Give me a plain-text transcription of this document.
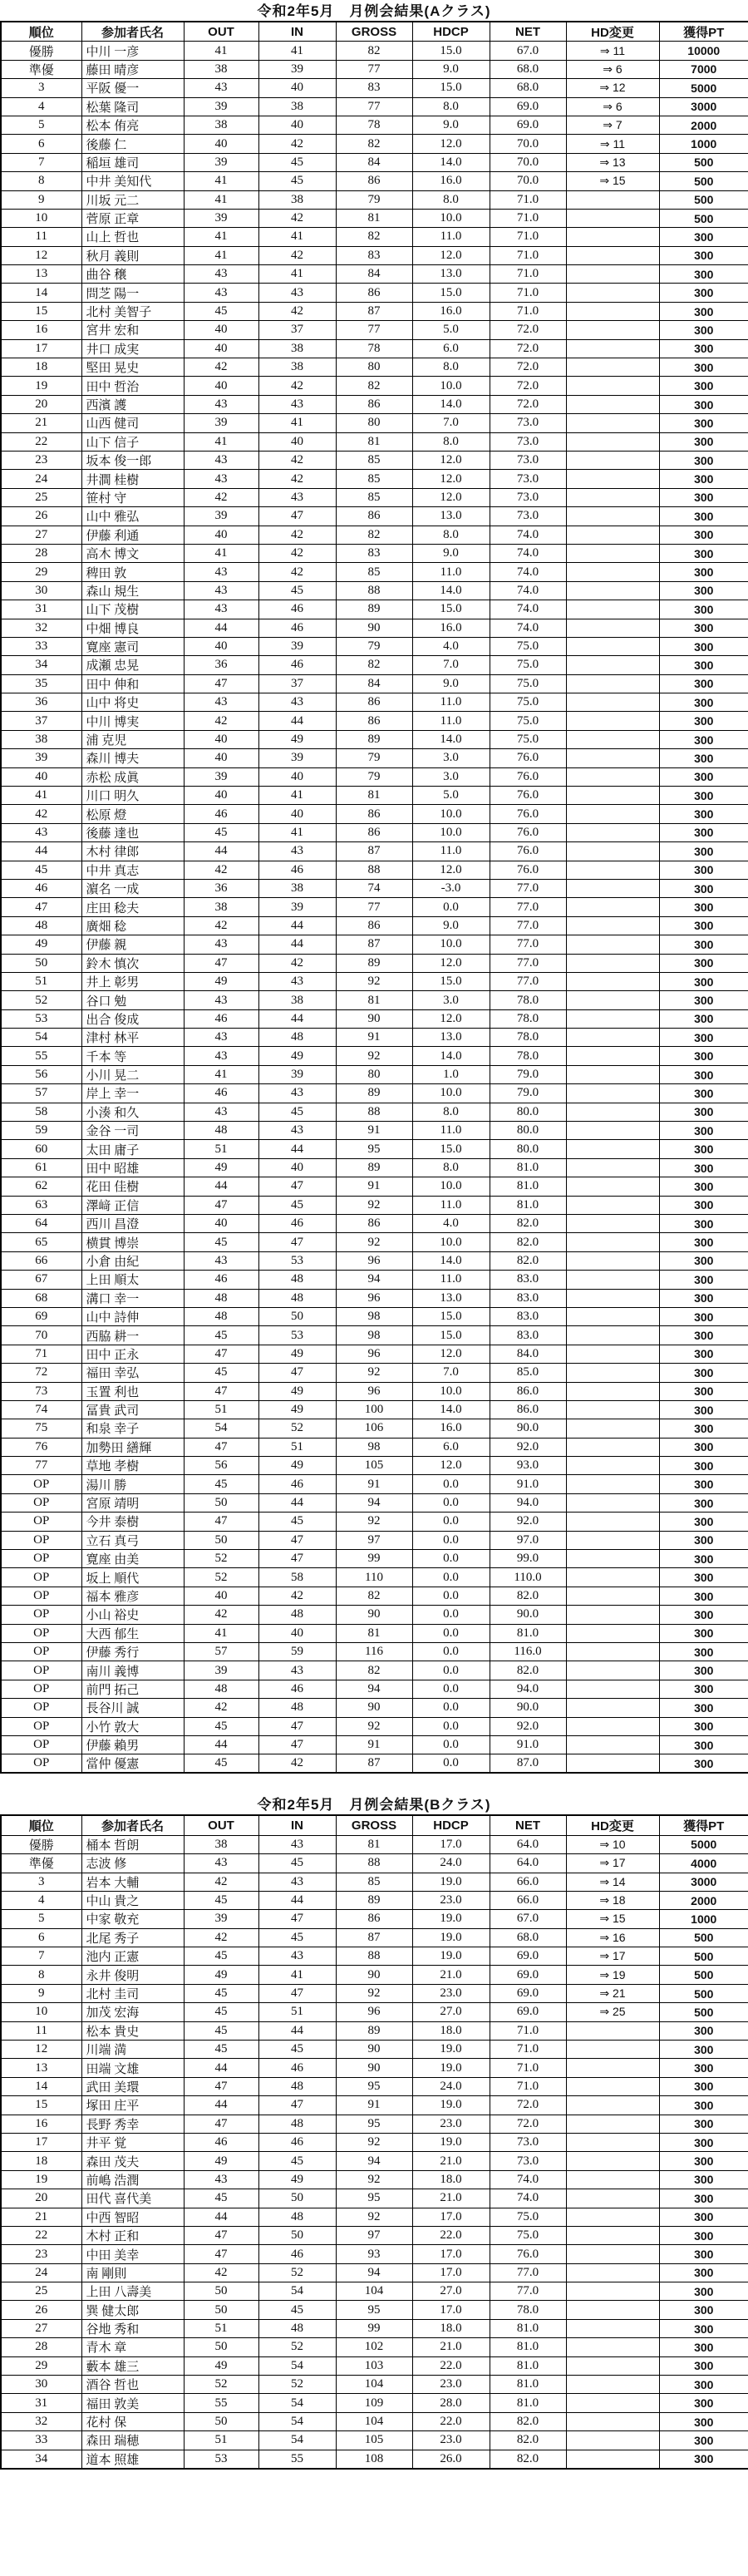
令和2年5月　月例会結果(Aクラス)
順位	参加者氏名	OUT	IN	GROSS	HDCP	NET	HD変更	獲得PT
優勝	中川 一彦	41	41	82	15.0	67.0	⇒ 11	10000
準優	藤田 晴彦	38	39	77	9.0	68.0	⇒ 6	7000
3	平阪 優一	43	40	83	15.0	68.0	⇒ 12	5000
4	松葉 隆司	39	38	77	8.0	69.0	⇒ 6	3000
5	松本 侑亮	38	40	78	9.0	69.0	⇒ 7	2000
6	後藤 仁	40	42	82	12.0	70.0	⇒ 11	1000
7	稲垣 雄司	39	45	84	14.0	70.0	⇒ 13	500
8	中井 美知代	41	45	86	16.0	70.0	⇒ 15	500
9	川坂 元二	41	38	79	8.0	71.0		500
10	菅原 正章	39	42	81	10.0	71.0		500
11	山上 哲也	41	41	82	11.0	71.0		300
12	秋月 義則	41	42	83	12.0	71.0		300
13	曲谷 穣	43	41	84	13.0	71.0		300
14	問芝 陽一	43	43	86	15.0	71.0		300
15	北村 美智子	45	42	87	16.0	71.0		300
16	宮井 宏和	40	37	77	5.0	72.0		300
17	井口 成実	40	38	78	6.0	72.0		300
18	堅田 晃史	42	38	80	8.0	72.0		300
19	田中 哲治	40	42	82	10.0	72.0		300
20	西濱 護	43	43	86	14.0	72.0		300
21	山西 健司	39	41	80	7.0	73.0		300
22	山下 信子	41	40	81	8.0	73.0		300
23	坂本 俊一郎	43	42	85	12.0	73.0		300
24	井澗 桂樹	43	42	85	12.0	73.0		300
25	笹村 守	42	43	85	12.0	73.0		300
26	山中 雅弘	39	47	86	13.0	73.0		300
27	伊藤 利通	40	42	82	8.0	74.0		300
28	高木 博文	41	42	83	9.0	74.0		300
29	稗田 敦	43	42	85	11.0	74.0		300
30	森山 規生	43	45	88	14.0	74.0		300
31	山下 茂樹	43	46	89	15.0	74.0		300
32	中畑 博良	44	46	90	16.0	74.0		300
33	寛座 憲司	40	39	79	4.0	75.0		300
34	成瀬 忠晃	36	46	82	7.0	75.0		300
35	田中 伸和	47	37	84	9.0	75.0		300
36	山中 将史	43	43	86	11.0	75.0		300
37	中川 博実	42	44	86	11.0	75.0		300
38	浦 克児	40	49	89	14.0	75.0		300
39	森川 博夫	40	39	79	3.0	76.0		300
40	赤松 成眞	39	40	79	3.0	76.0		300
41	川口 明久	40	41	81	5.0	76.0		300
42	松原 燈	46	40	86	10.0	76.0		300
43	後藤 達也	45	41	86	10.0	76.0		300
44	木村 律郎	44	43	87	11.0	76.0		300
45	中井 真志	42	46	88	12.0	76.0		300
46	濵名 一成	36	38	74	-3.0	77.0		300
47	庄田 稔夫	38	39	77	0.0	77.0		300
48	廣畑 稔	42	44	86	9.0	77.0		300
49	伊藤 親	43	44	87	10.0	77.0		300
50	鈴木 慎次	47	42	89	12.0	77.0		300
51	井上 彰男	49	43	92	15.0	77.0		300
52	谷口 勉	43	38	81	3.0	78.0		300
53	出合 俊成	46	44	90	12.0	78.0		300
54	津村 林平	43	48	91	13.0	78.0		300
55	千本 等	43	49	92	14.0	78.0		300
56	小川 晃二	41	39	80	1.0	79.0		300
57	岸上 幸一	46	43	89	10.0	79.0		300
58	小湊 和久	43	45	88	8.0	80.0		300
59	金谷 一司	48	43	91	11.0	80.0		300
60	太田 庸子	51	44	95	15.0	80.0		300
61	田中 昭雄	49	40	89	8.0	81.0		300
62	花田 佳樹	44	47	91	10.0	81.0		300
63	澤﨑 正信	47	45	92	11.0	81.0		300
64	西川 昌澄	40	46	86	4.0	82.0		300
65	横貫 博崇	45	47	92	10.0	82.0		300
66	小倉 由紀	43	53	96	14.0	82.0		300
67	上田 順太	46	48	94	11.0	83.0		300
68	溝口 幸一	48	48	96	13.0	83.0		300
69	山中 詩伸	48	50	98	15.0	83.0		300
70	西脇 耕一	45	53	98	15.0	83.0		300
71	田中 正永	47	49	96	12.0	84.0		300
72	福田 幸弘	45	47	92	7.0	85.0		300
73	玉置 利也	47	49	96	10.0	86.0		300
74	冨貴 武司	51	49	100	14.0	86.0		300
75	和泉 幸子	54	52	106	16.0	90.0		300
76	加勢田 繕輝	47	51	98	6.0	92.0		300
77	草地 孝樹	56	49	105	12.0	93.0		300
OP	湯川 勝	45	46	91	0.0	91.0		300
OP	宮原 靖明	50	44	94	0.0	94.0		300
OP	今井 泰樹	47	45	92	0.0	92.0		300
OP	立石 真弓	50	47	97	0.0	97.0		300
OP	寛座 由美	52	47	99	0.0	99.0		300
OP	坂上 順代	52	58	110	0.0	110.0		300
OP	福本 雅彦	40	42	82	0.0	82.0		300
OP	小山 裕史	42	48	90	0.0	90.0		300
OP	大西 郁生	41	40	81	0.0	81.0		300
OP	伊藤 秀行	57	59	116	0.0	116.0		300
OP	南川 義博	39	43	82	0.0	82.0		300
OP	前門 拓己	48	46	94	0.0	94.0		300
OP	長谷川 誠	42	48	90	0.0	90.0		300
OP	小竹 敦大	45	47	92	0.0	92.0		300
OP	伊藤 賴男	44	47	91	0.0	91.0		300
OP	當仲 優憲	45	42	87	0.0	87.0		300
令和2年5月　月例会結果(Bクラス)
順位	参加者氏名	OUT	IN	GROSS	HDCP	NET	HD変更	獲得PT
優勝	桶本 哲朗	38	43	81	17.0	64.0	⇒ 10	5000
準優	志波 修	43	45	88	24.0	64.0	⇒ 17	4000
3	岩本 大輔	42	43	85	19.0	66.0	⇒ 14	3000
4	中山 貴之	45	44	89	23.0	66.0	⇒ 18	2000
5	中家 敬充	39	47	86	19.0	67.0	⇒ 15	1000
6	北尾 秀子	42	45	87	19.0	68.0	⇒ 16	500
7	池内 正憲	45	43	88	19.0	69.0	⇒ 17	500
8	永井 俊明	49	41	90	21.0	69.0	⇒ 19	500
9	北村 圭司	45	47	92	23.0	69.0	⇒ 21	500
10	加茂 宏海	45	51	96	27.0	69.0	⇒ 25	500
11	松本 貴史	45	44	89	18.0	71.0		300
12	川端 満	45	45	90	19.0	71.0		300
13	田端 文雄	44	46	90	19.0	71.0		300
14	武田 美環	47	48	95	24.0	71.0		300
15	塚田 庄平	44	47	91	19.0	72.0		300
16	長野 秀幸	47	48	95	23.0	72.0		300
17	井平 覚	46	46	92	19.0	73.0		300
18	森田 茂夫	49	45	94	21.0	73.0		300
19	前嶋 浩潤	43	49	92	18.0	74.0		300
20	田代 喜代美	45	50	95	21.0	74.0		300
21	中西 智昭	44	48	92	17.0	75.0		300
22	木村 正和	47	50	97	22.0	75.0		300
23	中田 美幸	47	46	93	17.0	76.0		300
24	南 剛則	42	52	94	17.0	77.0		300
25	上田 八壽美	50	54	104	27.0	77.0		300
26	巽 健太郎	50	45	95	17.0	78.0		300
27	谷地 秀和	51	48	99	18.0	81.0		300
28	青木 章	50	52	102	21.0	81.0		300
29	藪本 雄三	49	54	103	22.0	81.0		300
30	酒谷 哲也	52	52	104	23.0	81.0		300
31	福田 敦美	55	54	109	28.0	81.0		300
32	花村 保	50	54	104	22.0	82.0		300
33	森田 瑞穂	51	54	105	23.0	82.0		300
34	道本 照雄	53	55	108	26.0	82.0		300
